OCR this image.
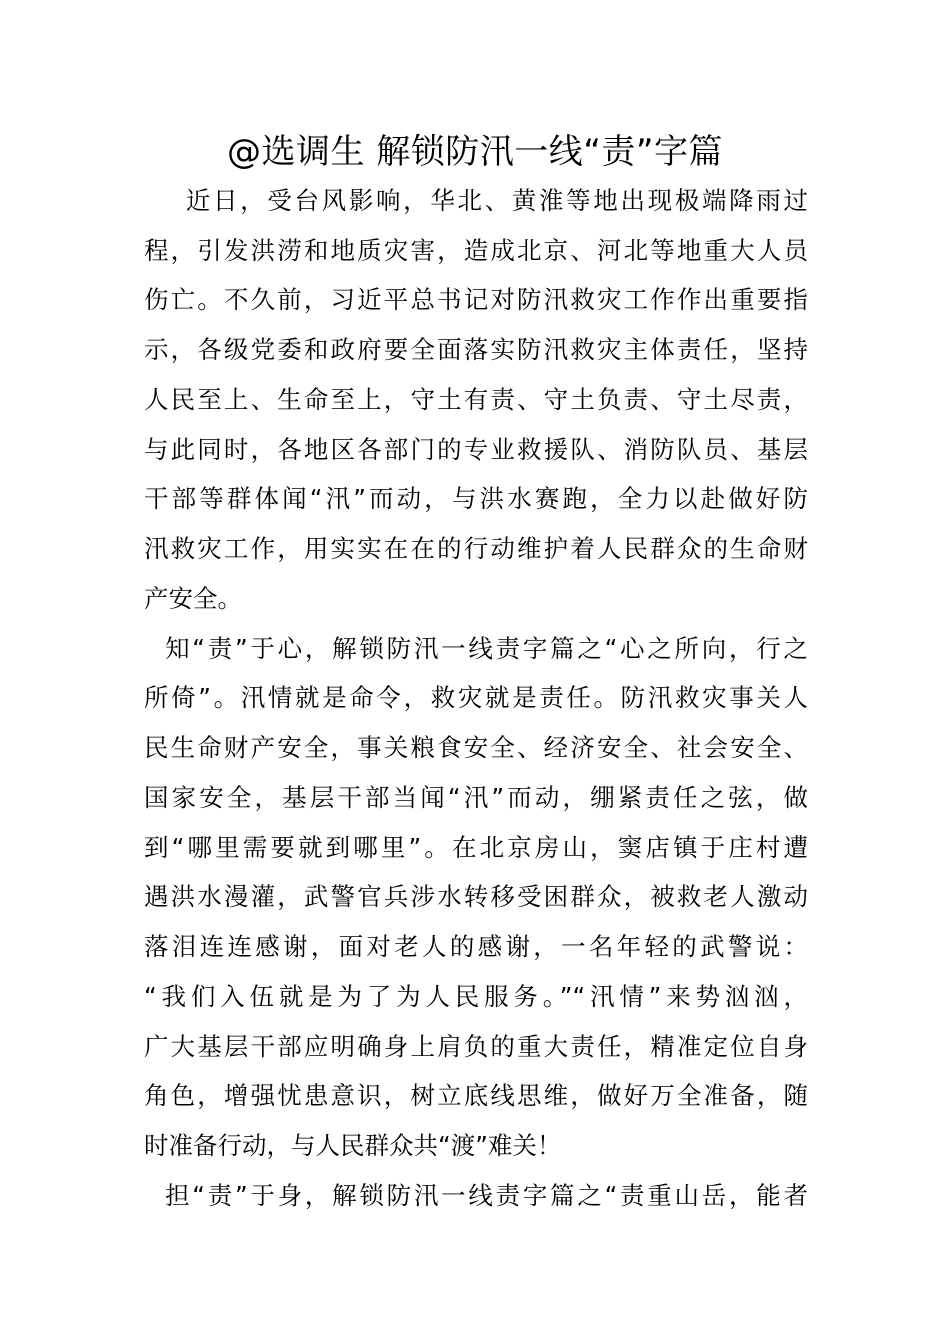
@选调生 解锁防汛一线“责”字篇
近日，受台风影响，华北、黄淮等地出现极端降雨过
程，引发洪涝和地质灾害，造成北京、河北等地重大人员
伤亡。不久前，习近平总书记对防汛救灾工作作出重要指
示，各级党委和政府要全面落实防汛救灾主体责任，坚持
人民至上、生命至上，守土有责、守土负责、守土尽责，
与此同时，各地区各部门的专业救援队、消防队员、基层
干部等群体闻“汛”而动，与洪水赛跑，全力以赴做好防
汛救灾工作，用实实在在的行动维护着人民群众的生命财
产安全。
知“责”于心，解锁防汛一线责字篇之“心之所向，行之
所倚”。汛情就是命令，救灾就是责任。防汛救灾事关人
民生命财产安全，事关粮食安全、经济安全、社会安全、
国家安全，基层干部当闻“汛”而动，绷紧责任之弦，做
到“哪里需要就到哪里”。在北京房山，窦店镇于庄村遭
遇洪水漫灌，武警官兵涉水转移受困群众，被救老人激动
落泪连连感谢，面对老人的感谢，一名年轻的武警说：
“我们入伍就是为了为人民服务。”“汛情”来势汹汹，
广大基层干部应明确身上肩负的重大责任，精准定位自身
角色，增强忧患意识，树立底线思维，做好万全准备，随
时准备行动，与人民群众共“渡”难关！
担“责”于身，解锁防汛一线责字篇之“责重山岳，能者
